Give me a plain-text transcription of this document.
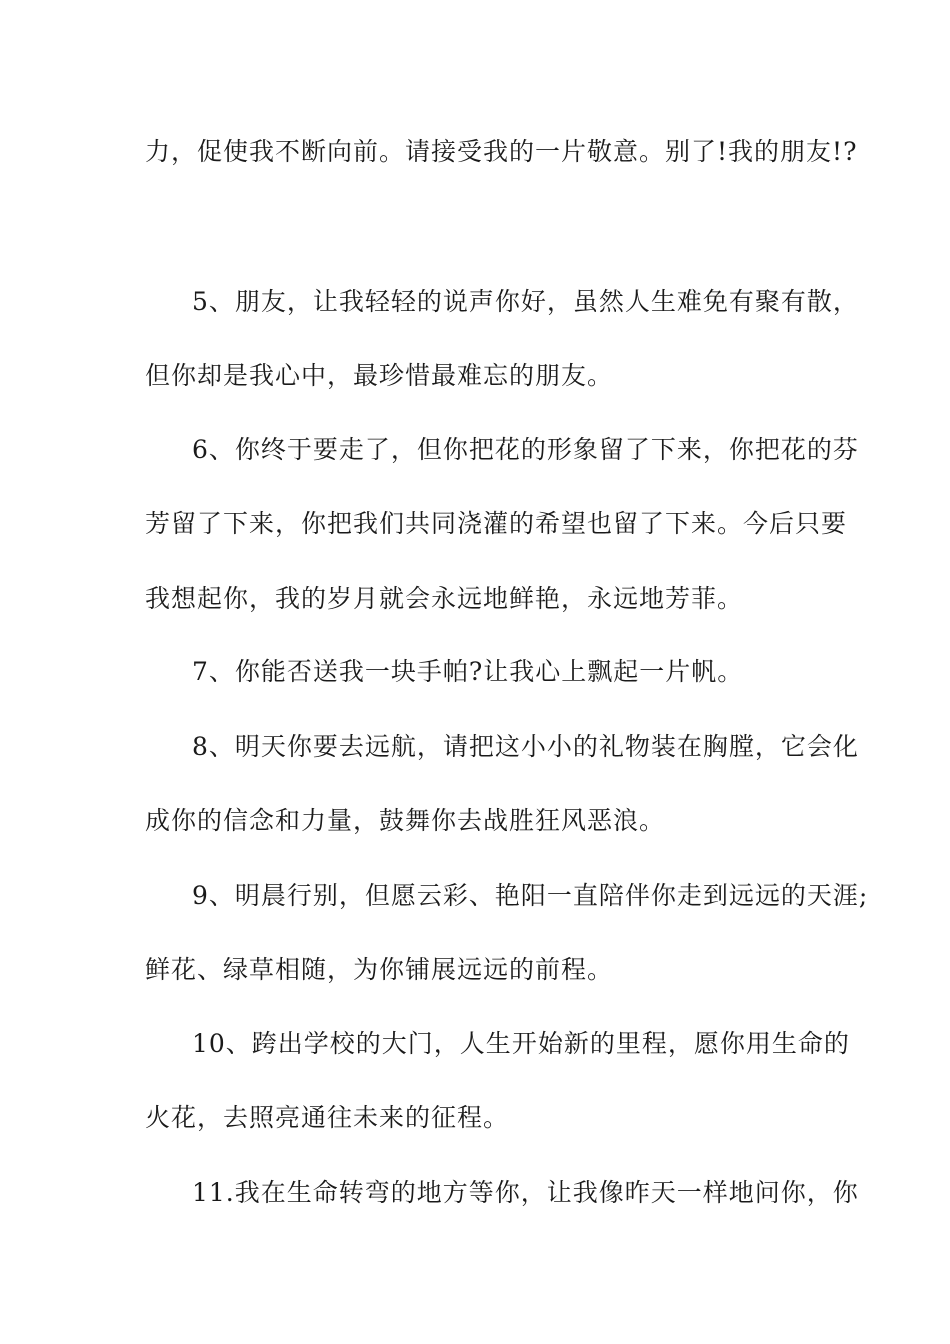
力，促使我不断向前。请接受我的一片敬意。别了!我的朋友!?
5、朋友，让我轻轻的说声你好，虽然人生难免有聚有散，
但你却是我心中，最珍惜最难忘的朋友。
6、你终于要走了，但你把花的形象留了下来，你把花的芬
芳留了下来，你把我们共同浇灌的希望也留了下来。今后只要
我想起你，我的岁月就会永远地鲜艳，永远地芳菲。
7、你能否送我一块手帕?让我心上飘起一片帆。
8、明天你要去远航，请把这小小的礼物装在胸膛，它会化
成你的信念和力量，鼓舞你去战胜狂风恶浪。
9、明晨行别，但愿云彩、艳阳一直陪伴你走到远远的天涯;
鲜花、绿草相随，为你铺展远远的前程。
10、跨出学校的大门，人生开始新的里程，愿你用生命的
火花，去照亮通往未来的征程。
11.我在生命转弯的地方等你，让我像昨天一样地问你，你
